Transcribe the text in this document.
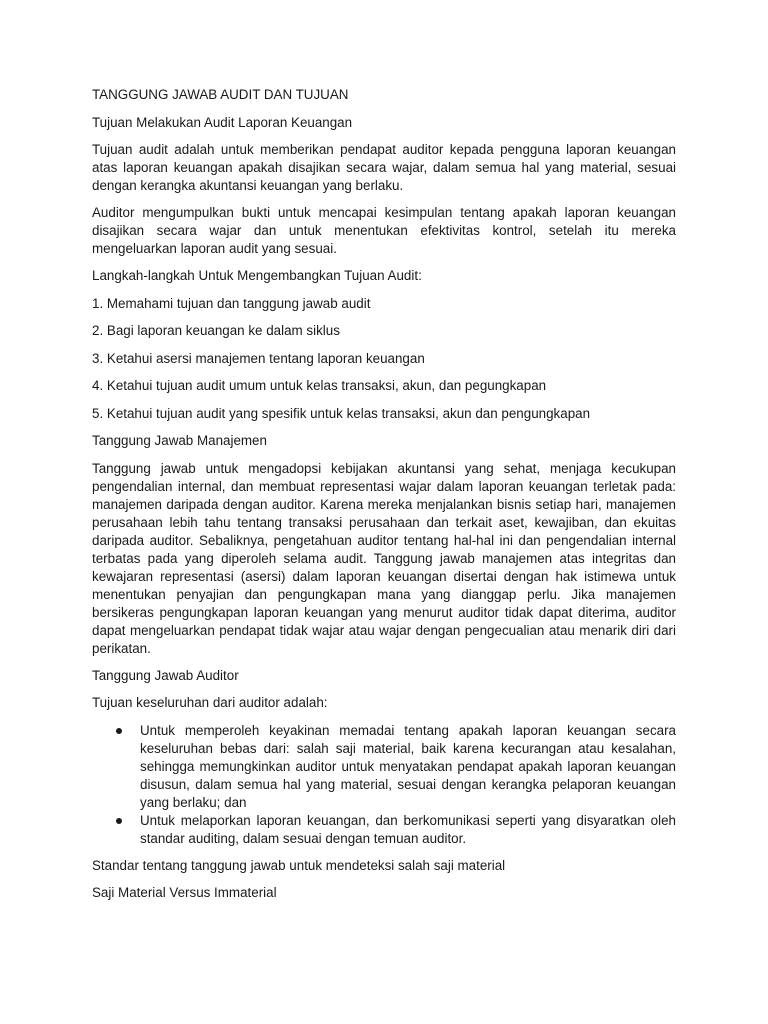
TANGGUNG JAWAB AUDIT DAN TUJUAN

Tujuan Melakukan Audit Laporan Keuangan

Tujuan audit adalah untuk memberikan pendapat auditor kepada pengguna laporan keuangan atas laporan keuangan apakah disajikan secara wajar, dalam semua hal yang material, sesuai dengan kerangka akuntansi keuangan yang berlaku.

Auditor mengumpulkan bukti untuk mencapai kesimpulan tentang apakah laporan keuangan disajikan secara wajar dan untuk menentukan efektivitas kontrol, setelah itu mereka mengeluarkan laporan audit yang sesuai.

Langkah-langkah Untuk Mengembangkan Tujuan Audit:

1. Memahami tujuan dan tanggung jawab audit

2. Bagi laporan keuangan ke dalam siklus

3. Ketahui asersi manajemen tentang laporan keuangan

4. Ketahui tujuan audit umum untuk kelas transaksi, akun, dan pegungkapan

5. Ketahui tujuan audit yang spesifik untuk kelas transaksi, akun dan pengungkapan

Tanggung Jawab Manajemen

Tanggung jawab untuk mengadopsi kebijakan akuntansi yang sehat, menjaga kecukupan pengendalian internal, dan membuat representasi wajar dalam laporan keuangan terletak pada: manajemen daripada dengan auditor. Karena mereka menjalankan bisnis setiap hari, manajemen perusahaan lebih tahu tentang transaksi perusahaan dan terkait aset, kewajiban, dan ekuitas daripada auditor. Sebaliknya, pengetahuan auditor tentang hal-hal ini dan pengendalian internal terbatas pada yang diperoleh selama audit. Tanggung jawab manajemen atas integritas dan kewajaran representasi (asersi) dalam laporan keuangan disertai dengan hak istimewa untuk menentukan penyajian dan pengungkapan mana yang dianggap perlu. Jika manajemen bersikeras pengungkapan laporan keuangan yang menurut auditor tidak dapat diterima, auditor dapat mengeluarkan pendapat tidak wajar atau wajar dengan pengecualian atau menarik diri dari perikatan.

Tanggung Jawab Auditor

Tujuan keseluruhan dari auditor adalah:

Untuk memperoleh keyakinan memadai tentang apakah laporan keuangan secara keseluruhan bebas dari: salah saji material, baik karena kecurangan atau kesalahan, sehingga memungkinkan auditor untuk menyatakan pendapat apakah laporan keuangan disusun, dalam semua hal yang material, sesuai dengan kerangka pelaporan keuangan yang berlaku; dan
Untuk melaporkan laporan keuangan, dan berkomunikasi seperti yang disyaratkan oleh standar auditing, dalam sesuai dengan temuan auditor.

Standar tentang tanggung jawab untuk mendeteksi salah saji material

Saji Material Versus Immaterial
